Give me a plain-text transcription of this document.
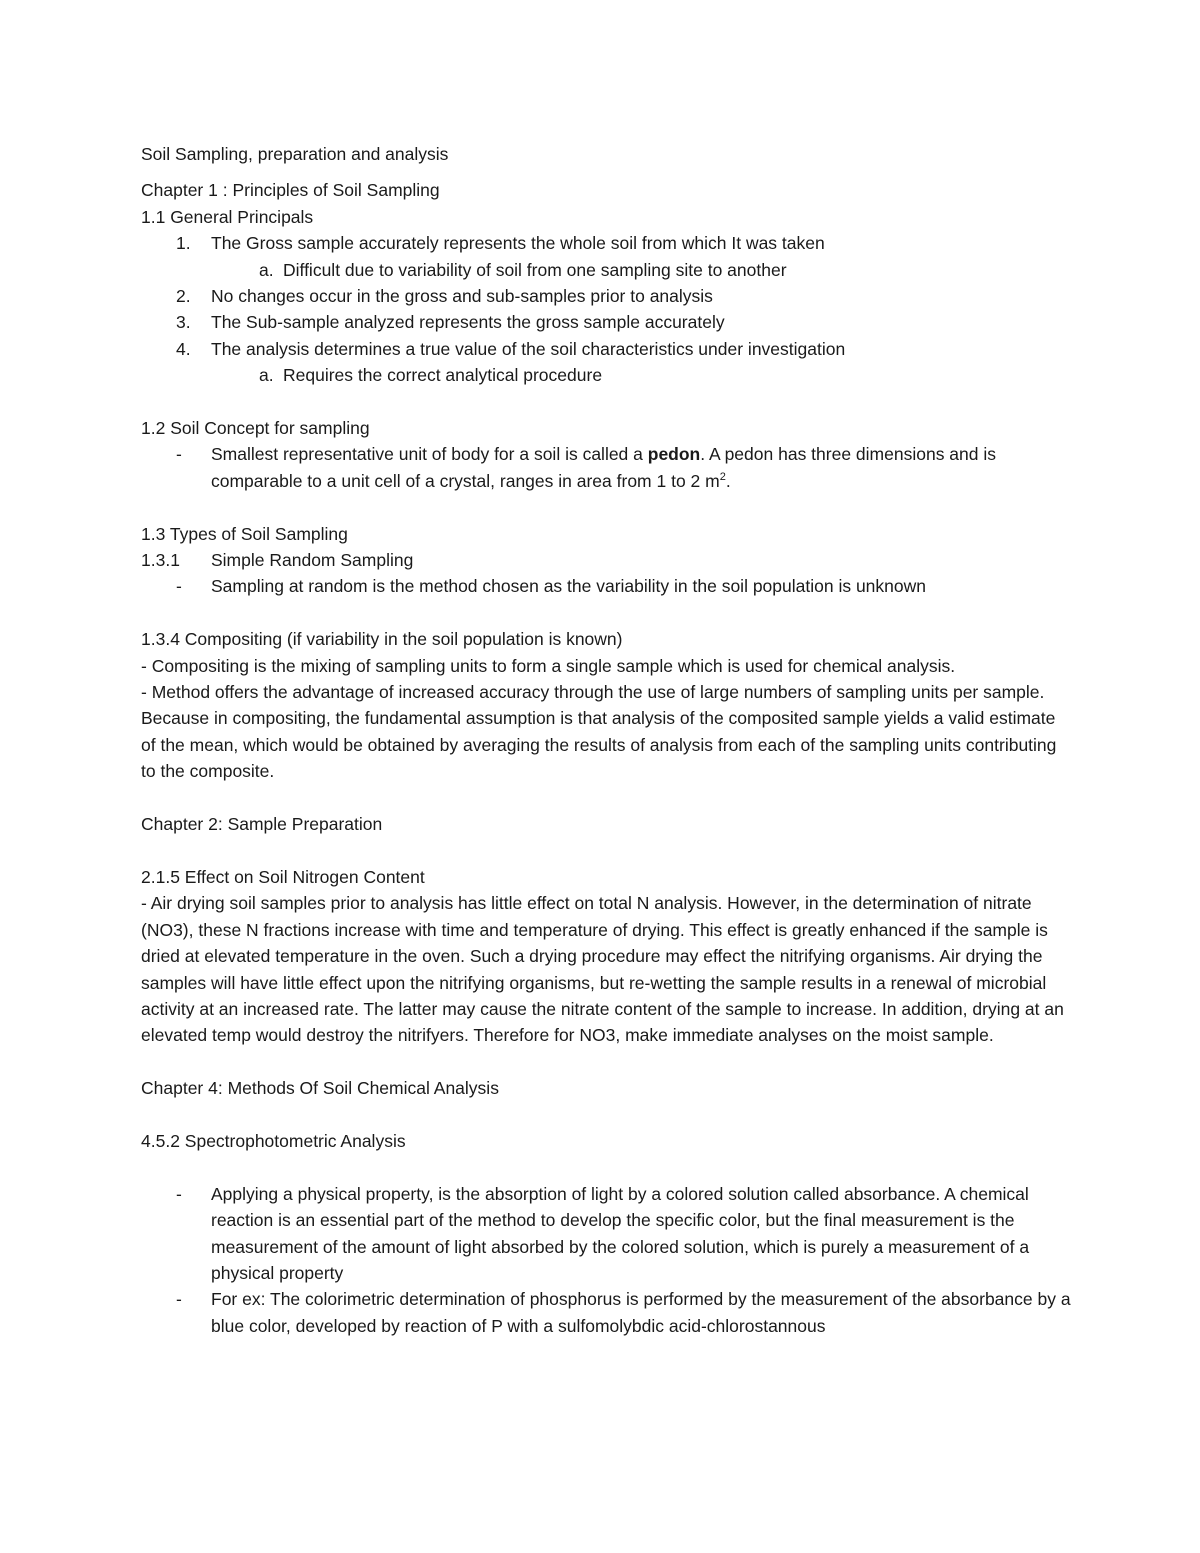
Soil Sampling, preparation and analysis
Chapter 1 : Principles of Soil Sampling
1.1 General Principals
1. The Gross sample accurately represents the whole soil from which It was taken
a. Difficult due to variability of soil from one sampling site to another
2. No changes occur in the gross and sub-samples prior to analysis
3. The Sub-sample analyzed represents the gross sample accurately
4. The analysis determines a true value of the soil characteristics under investigation
a. Requires the correct analytical procedure
1.2 Soil Concept for sampling
- Smallest representative unit of body for a soil is called a pedon. A pedon has three dimensions and is comparable to a unit cell of a crystal, ranges in area from 1 to 2 $m^2$.
1.3 Types of Soil Sampling
1.3.1 Simple Random Sampling
- Sampling at random is the method chosen as the variability in the soil population is unknown
1.3.4 Compositing (if variability in the soil population is known)
- Compositing is the mixing of sampling units to form a single sample which is used for chemical analysis.
- Method offers the advantage of increased accuracy through the use of large numbers of sampling units per sample. Because in compositing, the fundamental assumption is that analysis of the composited sample yields a valid estimate of the mean, which would be obtained by averaging the results of analysis from each of the sampling units contributing to the composite.
Chapter 2: Sample Preparation
2.1.5 Effect on Soil Nitrogen Content
- Air drying soil samples prior to analysis has little effect on total N analysis. However, in the determination of nitrate (NO3), these N fractions increase with time and temperature of drying. This effect is greatly enhanced if the sample is dried at elevated temperature in the oven. Such a drying procedure may effect the nitrifying organisms. Air drying the samples will have little effect upon the nitrifying organisms, but re-wetting the sample results in a renewal of microbial activity at an increased rate. The latter may cause the nitrate content of the sample to increase. In addition, drying at an elevated temp would destroy the nitrifyers. Therefore for NO3, make immediate analyses on the moist sample.
Chapter 4: Methods Of Soil Chemical Analysis
4.5.2 Spectrophotometric Analysis
- Applying a physical property, is the absorption of light by a colored solution called absorbance. A chemical reaction is an essential part of the method to develop the specific color, but the final measurement is the measurement of the amount of light absorbed by the colored solution, which is purely a measurement of a physical property
- For ex: The colorimetric determination of phosphorus is performed by the measurement of the absorbance by a blue color, developed by reaction of P with a sulfomolybdic acid-chlorostannous
